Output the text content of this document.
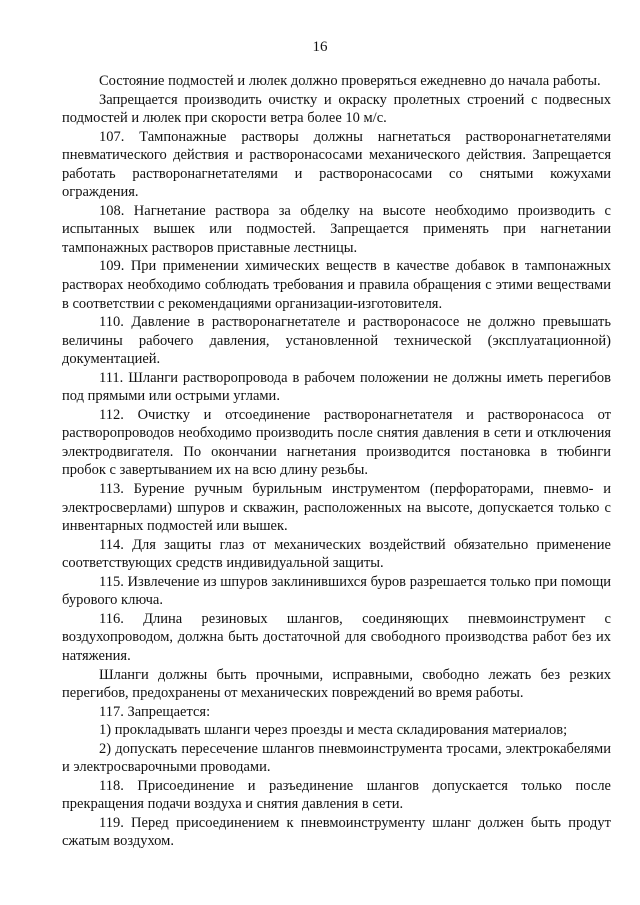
16

Состояние подмостей и люлек должно проверяться ежедневно до начала работы.

Запрещается производить очистку и окраску пролетных строений с подвесных подмостей и люлек при скорости ветра более 10 м/с.

107. Тампонажные растворы должны нагнетаться растворонагнетателями пневматического действия и растворонасосами механического действия. Запрещается работать растворонагнетателями и растворонасосами со снятыми кожухами ограждения.

108. Нагнетание раствора за обделку на высоте необходимо производить с испытанных вышек или подмостей. Запрещается применять при нагнетании тампонажных растворов приставные лестницы.

109. При применении химических веществ в качестве добавок в тампонажных растворах необходимо соблюдать требования и правила обращения с этими веществами в соответствии с рекомендациями организации-изготовителя.

110. Давление в растворонагнетателе и растворонасосе не должно превышать величины рабочего давления, установленной технической (эксплуатационной) документацией.

111. Шланги растворопровода в рабочем положении не должны иметь перегибов под прямыми или острыми углами.

112. Очистку и отсоединение растворонагнетателя и растворонасоса от растворопроводов необходимо производить после снятия давления в сети и отключения электродвигателя. По окончании нагнетания производится постановка в тюбинги пробок с завертыванием их на всю длину резьбы.

113. Бурение ручным бурильным инструментом (перфораторами, пневмо- и электросверлами) шпуров и скважин, расположенных на высоте, допускается только с инвентарных подмостей или вышек.

114. Для защиты глаз от механических воздействий обязательно применение соответствующих средств индивидуальной защиты.

115. Извлечение из шпуров заклинившихся буров разрешается только при помощи бурового ключа.

116. Длина резиновых шлангов, соединяющих пневмоинструмент с воздухопроводом, должна быть достаточной для свободного производства работ без их натяжения.

Шланги должны быть прочными, исправными, свободно лежать без резких перегибов, предохранены от механических повреждений во время работы.

117. Запрещается:

1) прокладывать шланги через проезды и места складирования материалов;

2) допускать пересечение шлангов пневмоинструмента тросами, электрокабелями и электросварочными проводами.

118. Присоединение и разъединение шлангов допускается только после прекращения подачи воздуха и снятия давления в сети.

119. Перед присоединением к пневмоинструменту шланг должен быть продут сжатым воздухом.
